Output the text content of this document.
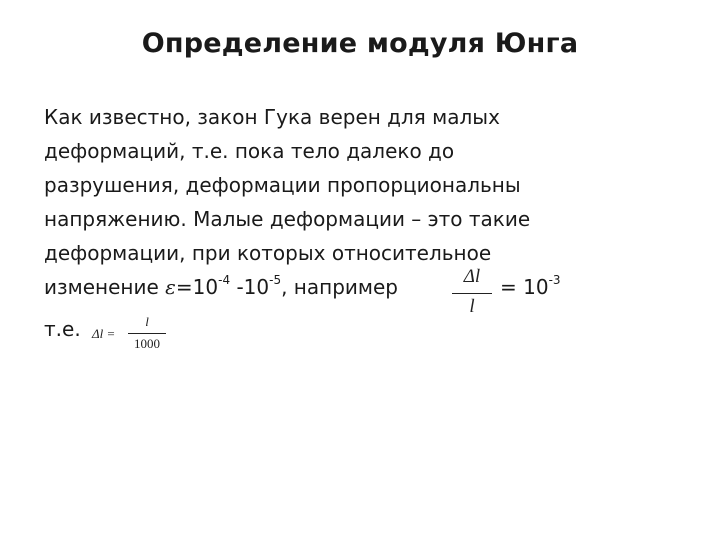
Определение модуля Юнга
Как известно, закон Гука верен для малых
деформаций, т.е. пока тело далеко до
разрушения, деформации пропорциональны
напряжению. Малые деформации – это такие
деформации, при которых относительное
изменение $\varepsilon=10^{-4}$ $-10^{-5}$, например	= $10^{-3}$
т.е.
Δl
l
Δl =
l
1000
